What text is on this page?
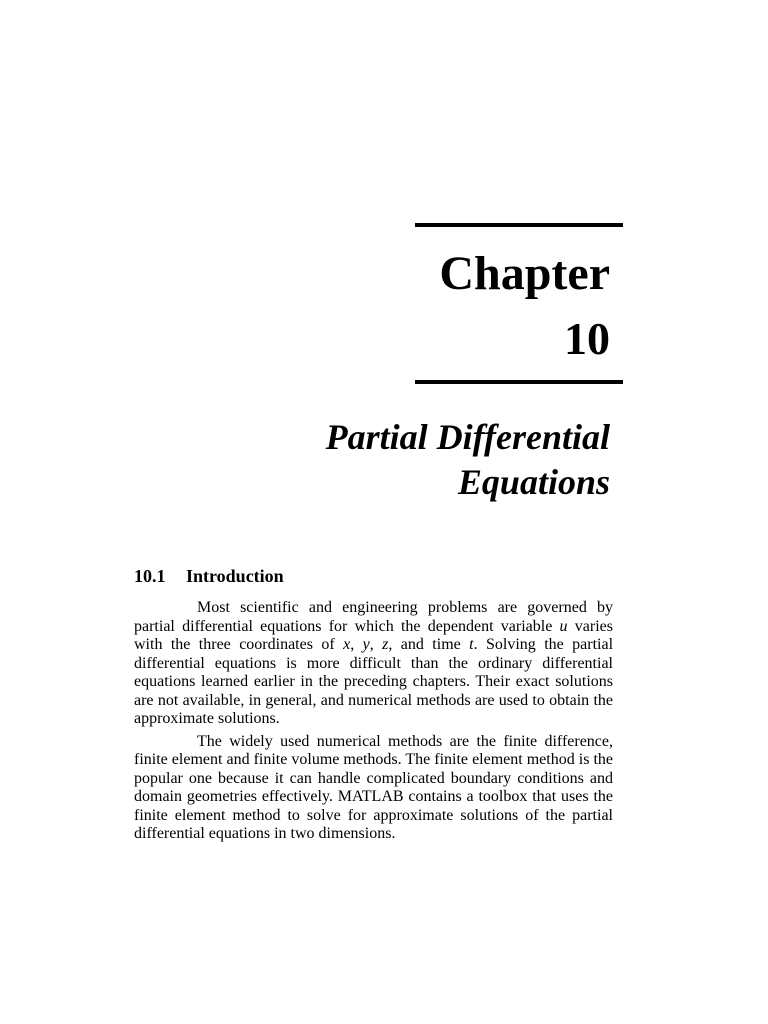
Chapter
10
Partial Differential
Equations
10.1 Introduction

Most scientific and engineering problems are governed by partial differential equations for which the dependent variable u varies with the three coordinates of x, y, z, and time t. Solving the partial differential equations is more difficult than the ordinary differential equations learned earlier in the preceding chapters. Their exact solutions are not available, in general, and numerical methods are used to obtain the approximate solutions.

The widely used numerical methods are the finite difference, finite element and finite volume methods. The finite element method is the popular one because it can handle complicated boundary conditions and domain geometries effectively. MATLAB contains a toolbox that uses the finite element method to solve for approximate solutions of the partial differential equations in two dimensions.
